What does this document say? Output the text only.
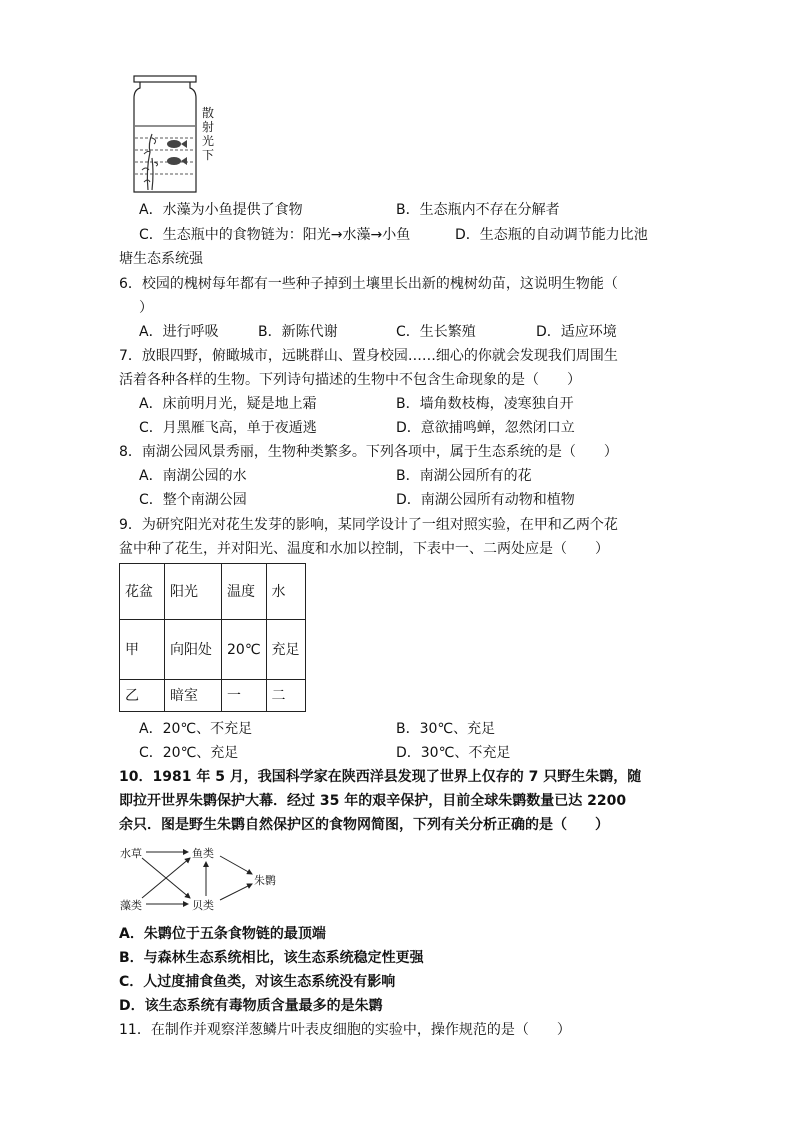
散
射
光
下
A．水藻为小鱼提供了食物	B．生态瓶内不存在分解者
C．生态瓶中的食物链为：阳光→水藻→小鱼	D．生态瓶的自动调节能力比池
塘生态系统强
6．校园的槐树每年都有一些种子掉到土壤里长出新的槐树幼苗，这说明生物能（
）
A．进行呼吸	B．新陈代谢	C．生长繁殖	D．适应环境
7．放眼四野，俯瞰城市，远眺群山、置身校园……细心的你就会发现我们周围生
活着各种各样的生物。下列诗句描述的生物中不包含生命现象的是（　　）
A．床前明月光，疑是地上霜	B．墙角数枝梅，凌寒独自开
C．月黑雁飞高，单于夜遁逃	D．意欲捕鸣蝉，忽然闭口立
8．南湖公园风景秀丽，生物种类繁多。下列各项中，属于生态系统的是（　　）
A．南湖公园的水	B．南湖公园所有的花
C．整个南湖公园	D．南湖公园所有动物和植物
9．为研究阳光对花生发芽的影响，某同学设计了一组对照实验，在甲和乙两个花
盆中种了花生，并对阳光、温度和水加以控制，下表中一、二两处应是（　　）
花盆	阳光	温度	水
甲	向阳处	20℃	充足
乙	暗室	一	二
A．20℃、不充足	B．30℃、充足
C．20℃、充足	D．30℃、不充足
10．1981 年 5 月，我国科学家在陕西洋县发现了世界上仅存的 7 只野生朱鹮，随
即拉开世界朱鹮保护大幕．经过 35 年的艰辛保护，目前全球朱鹮数量已达 2200
余只．图是野生朱鹮自然保护区的食物网简图，下列有关分析正确的是（　　）
水草	鱼类
朱鹮
藻类	贝类
A．朱鹮位于五条食物链的最顶端
B．与森林生态系统相比，该生态系统稳定性更强
C．人过度捕食鱼类，对该生态系统没有影响
D．该生态系统有毒物质含量最多的是朱鹮
11．在制作并观察洋葱鳞片叶表皮细胞的实验中，操作规范的是（　　）
